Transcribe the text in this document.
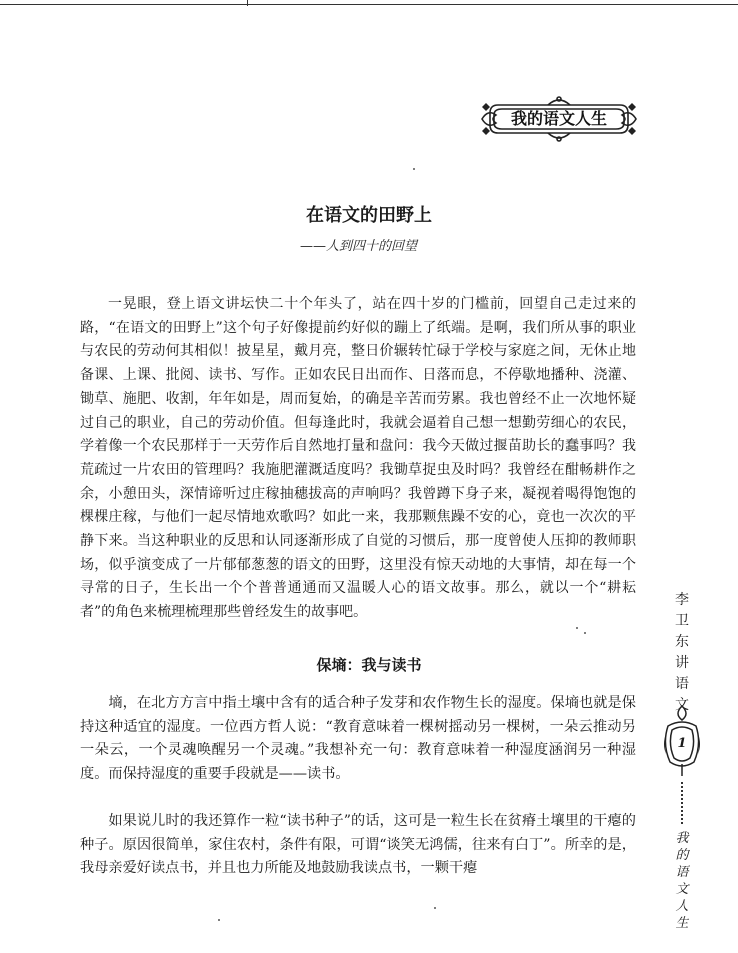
我的语文人生
在语文的田野上
——人到四十的回望

一晃眼，登上语文讲坛快二十个年头了，站在四十岁的门槛前，回望自己走过来的路，“在语文的田野上”这个句子好像提前约好似的蹦上了纸端。是啊，我们所从事的职业与农民的劳动何其相似！披星星，戴月亮，整日价辗转忙碌于学校与家庭之间，无休止地备课、上课、批阅、读书、写作。正如农民日出而作、日落而息，不停歇地播种、浇灌、锄草、施肥、收割，年年如是，周而复始，的确是辛苦而劳累。我也曾经不止一次地怀疑过自己的职业，自己的劳动价值。但每逢此时，我就会逼着自己想一想勤劳细心的农民，学着像一个农民那样于一天劳作后自然地打量和盘问：我今天做过揠苗助长的蠢事吗？我荒疏过一片农田的管理吗？我施肥灌溉适度吗？我锄草捉虫及时吗？我曾经在酣畅耕作之余，小憩田头，深情谛听过庄稼抽穗拔高的声响吗？我曾蹲下身子来，凝视着喝得饱饱的棵棵庄稼，与他们一起尽情地欢歌吗？如此一来，我那颗焦躁不安的心，竟也一次次的平静下来。当这种职业的反思和认同逐渐形成了自觉的习惯后，那一度曾使人压抑的教师职场，似乎演变成了一片郁郁葱葱的语文的田野，这里没有惊天动地的大事情，却在每一个寻常的日子，生长出一个个普普通通而又温暖人心的语文故事。那么，就以一个“耕耘者”的角色来梳理梳理那些曾经发生的故事吧。

保墒：我与读书

墒，在北方方言中指土壤中含有的适合种子发芽和农作物生长的湿度。保墒也就是保持这种适宜的湿度。一位西方哲人说：“教育意味着一棵树摇动另一棵树，一朵云推动另一朵云，一个灵魂唤醒另一个灵魂。”我想补充一句：教育意味着一种湿度涵润另一种湿度。而保持湿度的重要手段就是——读书。

如果说儿时的我还算作一粒“读书种子”的话，这可是一粒生长在贫瘠土壤里的干瘪的种子。原因很简单，家住农村，条件有限，可谓“谈笑无鸿儒，往来有白丁”。所幸的是，我母亲爱好读点书，并且也力所能及地鼓励我读点书，一颗干瘪

李卫东讲语文
1
我的语文人生
